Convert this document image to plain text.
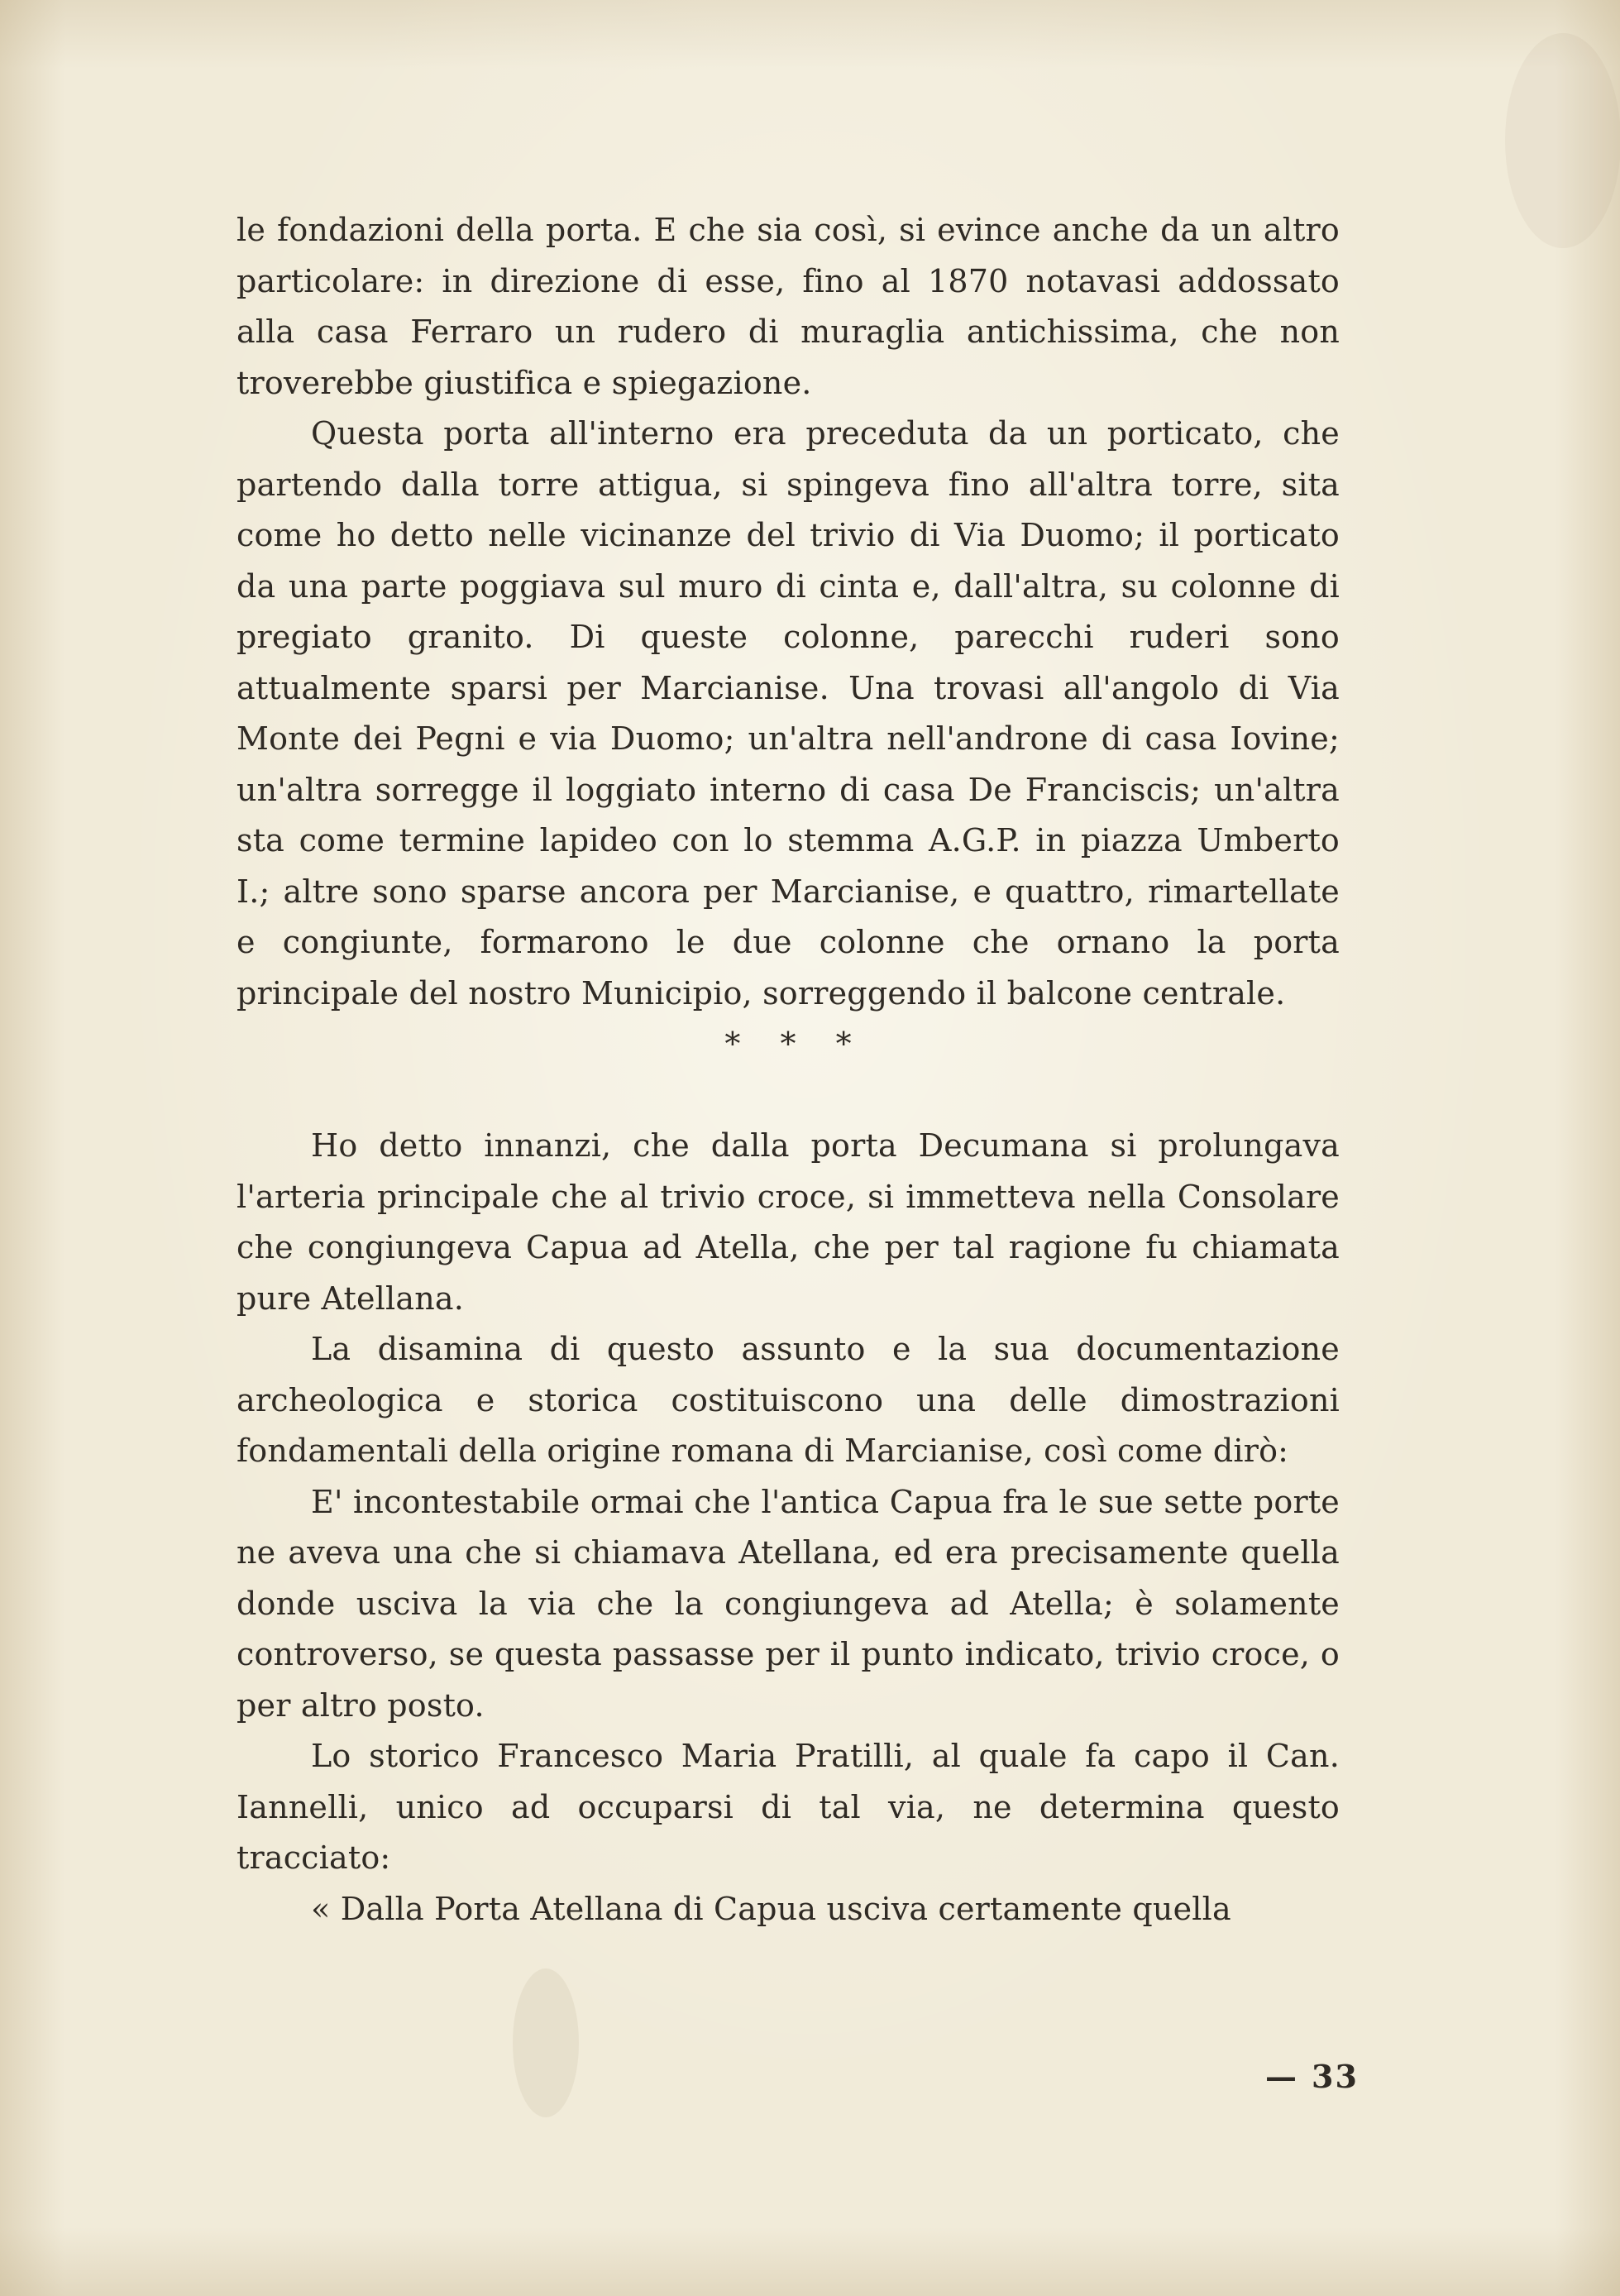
le fondazioni della porta. E che sia così, si evince anche da un altro particolare: in direzione di esse, fino al 1870 notavasi addossato alla casa Ferraro un rudero di muraglia antichissima, che non troverebbe giustifica e spiegazione.

Questa porta all'interno era preceduta da un porticato, che partendo dalla torre attigua, si spingeva fino all'altra torre, sita come ho detto nelle vicinanze del trivio di Via Duomo; il porticato da una parte poggiava sul muro di cinta e, dall'altra, su colonne di pregiato granito. Di queste colonne, parecchi ruderi sono attualmente sparsi per Marcianise. Una trovasi all'angolo di Via Monte dei Pegni e via Duomo; un'altra nell'androne di casa Iovine; un'altra sorregge il loggiato interno di casa De Franciscis; un'altra sta come termine lapideo con lo stemma A.G.P. in piazza Umberto I.; altre sono sparse ancora per Marcianise, e quattro, rimartellate e congiunte, formarono le due colonne che ornano la porta principale del nostro Municipio, sorreggendo il balcone centrale.

* * *

Ho detto innanzi, che dalla porta Decumana si prolungava l'arteria principale che al trivio croce, si immetteva nella Consolare che congiungeva Capua ad Atella, che per tal ragione fu chiamata pure Atellana.

La disamina di questo assunto e la sua documentazione archeologica e storica costituiscono una delle dimostrazioni fondamentali della origine romana di Marcianise, così come dirò:

E' incontestabile ormai che l'antica Capua fra le sue sette porte ne aveva una che si chiamava Atellana, ed era precisamente quella donde usciva la via che la congiungeva ad Atella; è solamente controverso, se questa passasse per il punto indicato, trivio croce, o per altro posto.

Lo storico Francesco Maria Pratilli, al quale fa capo il Can. Iannelli, unico ad occuparsi di tal via, ne determina questo tracciato:

« Dalla Porta Atellana di Capua usciva certamente quella

— 33
